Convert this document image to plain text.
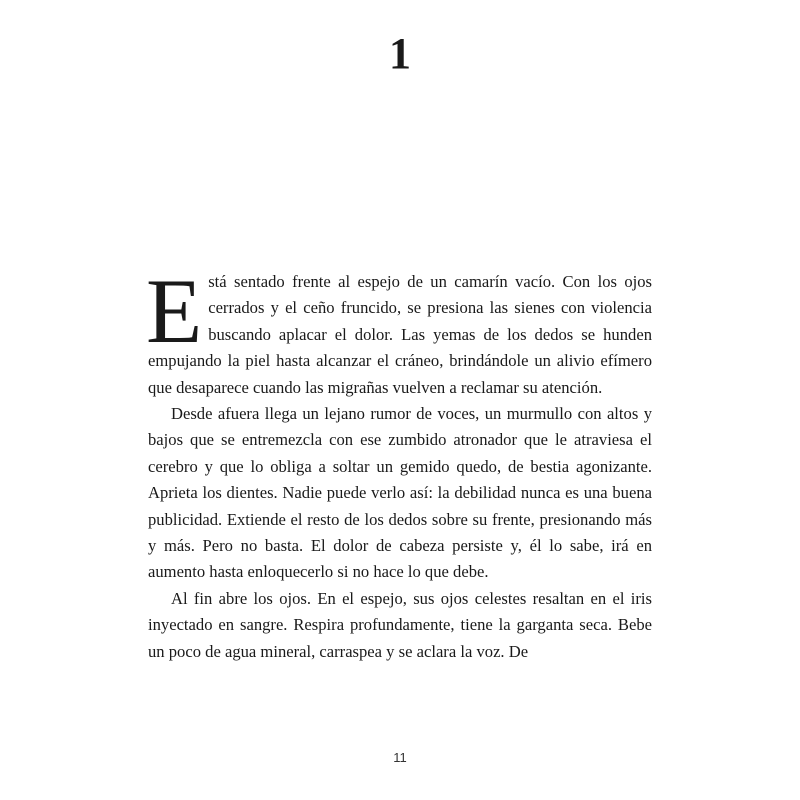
1

Está sentado frente al espejo de un camarín vacío. Con los ojos cerrados y el ceño fruncido, se presiona las sienes con violencia buscando aplacar el dolor. Las yemas de los dedos se hunden empujando la piel hasta alcanzar el cráneo, brindándole un alivio efímero que desaparece cuando las migrañas vuelven a reclamar su atención.

Desde afuera llega un lejano rumor de voces, un murmullo con altos y bajos que se entremezcla con ese zumbido atronador que le atraviesa el cerebro y que lo obliga a soltar un gemido quedo, de bestia agonizante. Aprieta los dientes. Nadie puede verlo así: la debilidad nunca es una buena publicidad. Extiende el resto de los dedos sobre su frente, presionando más y más. Pero no basta. El dolor de cabeza persiste y, él lo sabe, irá en aumento hasta enloquecerlo si no hace lo que debe.

Al fin abre los ojos. En el espejo, sus ojos celestes resaltan en el iris inyectado en sangre. Respira profundamente, tiene la garganta seca. Bebe un poco de agua mineral, carraspea y se aclara la voz. De

11
